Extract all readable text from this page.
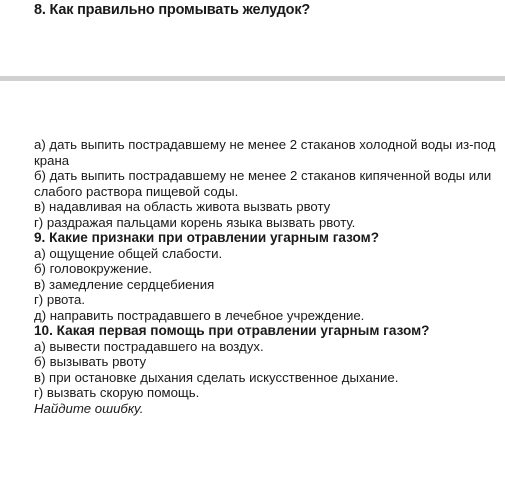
8. Как правильно промывать желудок?

а) дать выпить пострадавшему не менее 2 стаканов холодной воды из-под крана

б) дать выпить пострадавшему не менее 2 стаканов кипяченной воды или слабого раствора пищевой соды.

в) надавливая на область живота вызвать рвоту

г) раздражая пальцами корень языка вызвать рвоту.

9. Какие признаки при отравлении угарным газом?

а) ощущение общей слабости.

б) головокружение.

в) замедление сердцебиения

г) рвота.

д) направить пострадавшего в лечебное учреждение.

10. Какая первая помощь при отравлении угарным газом?

а) вывести пострадавшего на воздух.

б) вызывать рвоту

в) при остановке дыхания сделать искусственное дыхание.

г) вызвать скорую помощь.

Найдите ошибку.
